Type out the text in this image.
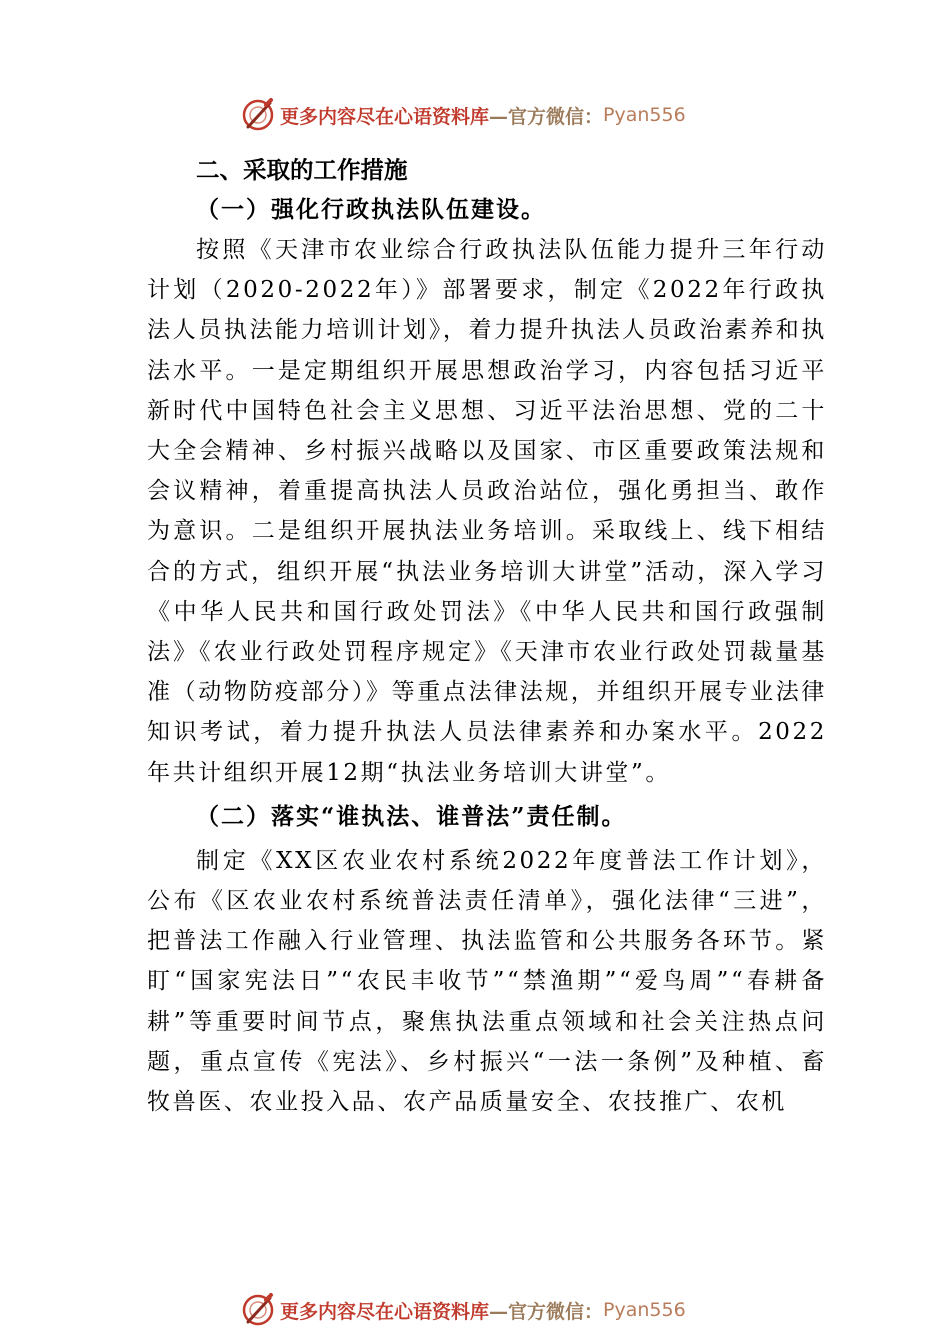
更多内容尽在心语资料库 —官方微信： Pyan556
二、采取的工作措施
（一）强化行政执法队伍建设。

按照《天津市农业综合行政执法队伍能力提升三年行动计划（2020-2022年）》部署要求，制定《2022年行政执法人员执法能力培训计划》，着力提升执法人员政治素养和执法水平。一是定期组织开展思想政治学习，内容包括习近平新时代中国特色社会主义思想、习近平法治思想、党的二十大全会精神、乡村振兴战略以及国家、市区重要政策法规和会议精神，着重提高执法人员政治站位，强化勇担当、敢作为意识。二是组织开展执法业务培训。采取线上、线下相结合的方式，组织开展“执法业务培训大讲堂”活动，深入学习《中华人民共和国行政处罚法》《中华人民共和国行政强制法》《农业行政处罚程序规定》《天津市农业行政处罚裁量基准（动物防疫部分）》等重点法律法规，并组织开展专业法律知识考试，着力提升执法人员法律素养和办案水平。2022年共计组织开展12期“执法业务培训大讲堂”。

（二）落实“谁执法、谁普法”责任制。

制定《XX区农业农村系统2022年度普法工作计划》，公布《区农业农村系统普法责任清单》，强化法律“三进”，把普法工作融入行业管理、执法监管和公共服务各环节。紧盯“国家宪法日”“农民丰收节”“禁渔期”“爱鸟周”“春耕备耕”等重要时间节点，聚焦执法重点领域和社会关注热点问题，重点宣传《宪法》、乡村振兴“一法一条例”及种植、畜牧兽医、农业投入品、农产品质量安全、农技推广、农机

更多内容尽在心语资料库 —官方微信： Pyan556
